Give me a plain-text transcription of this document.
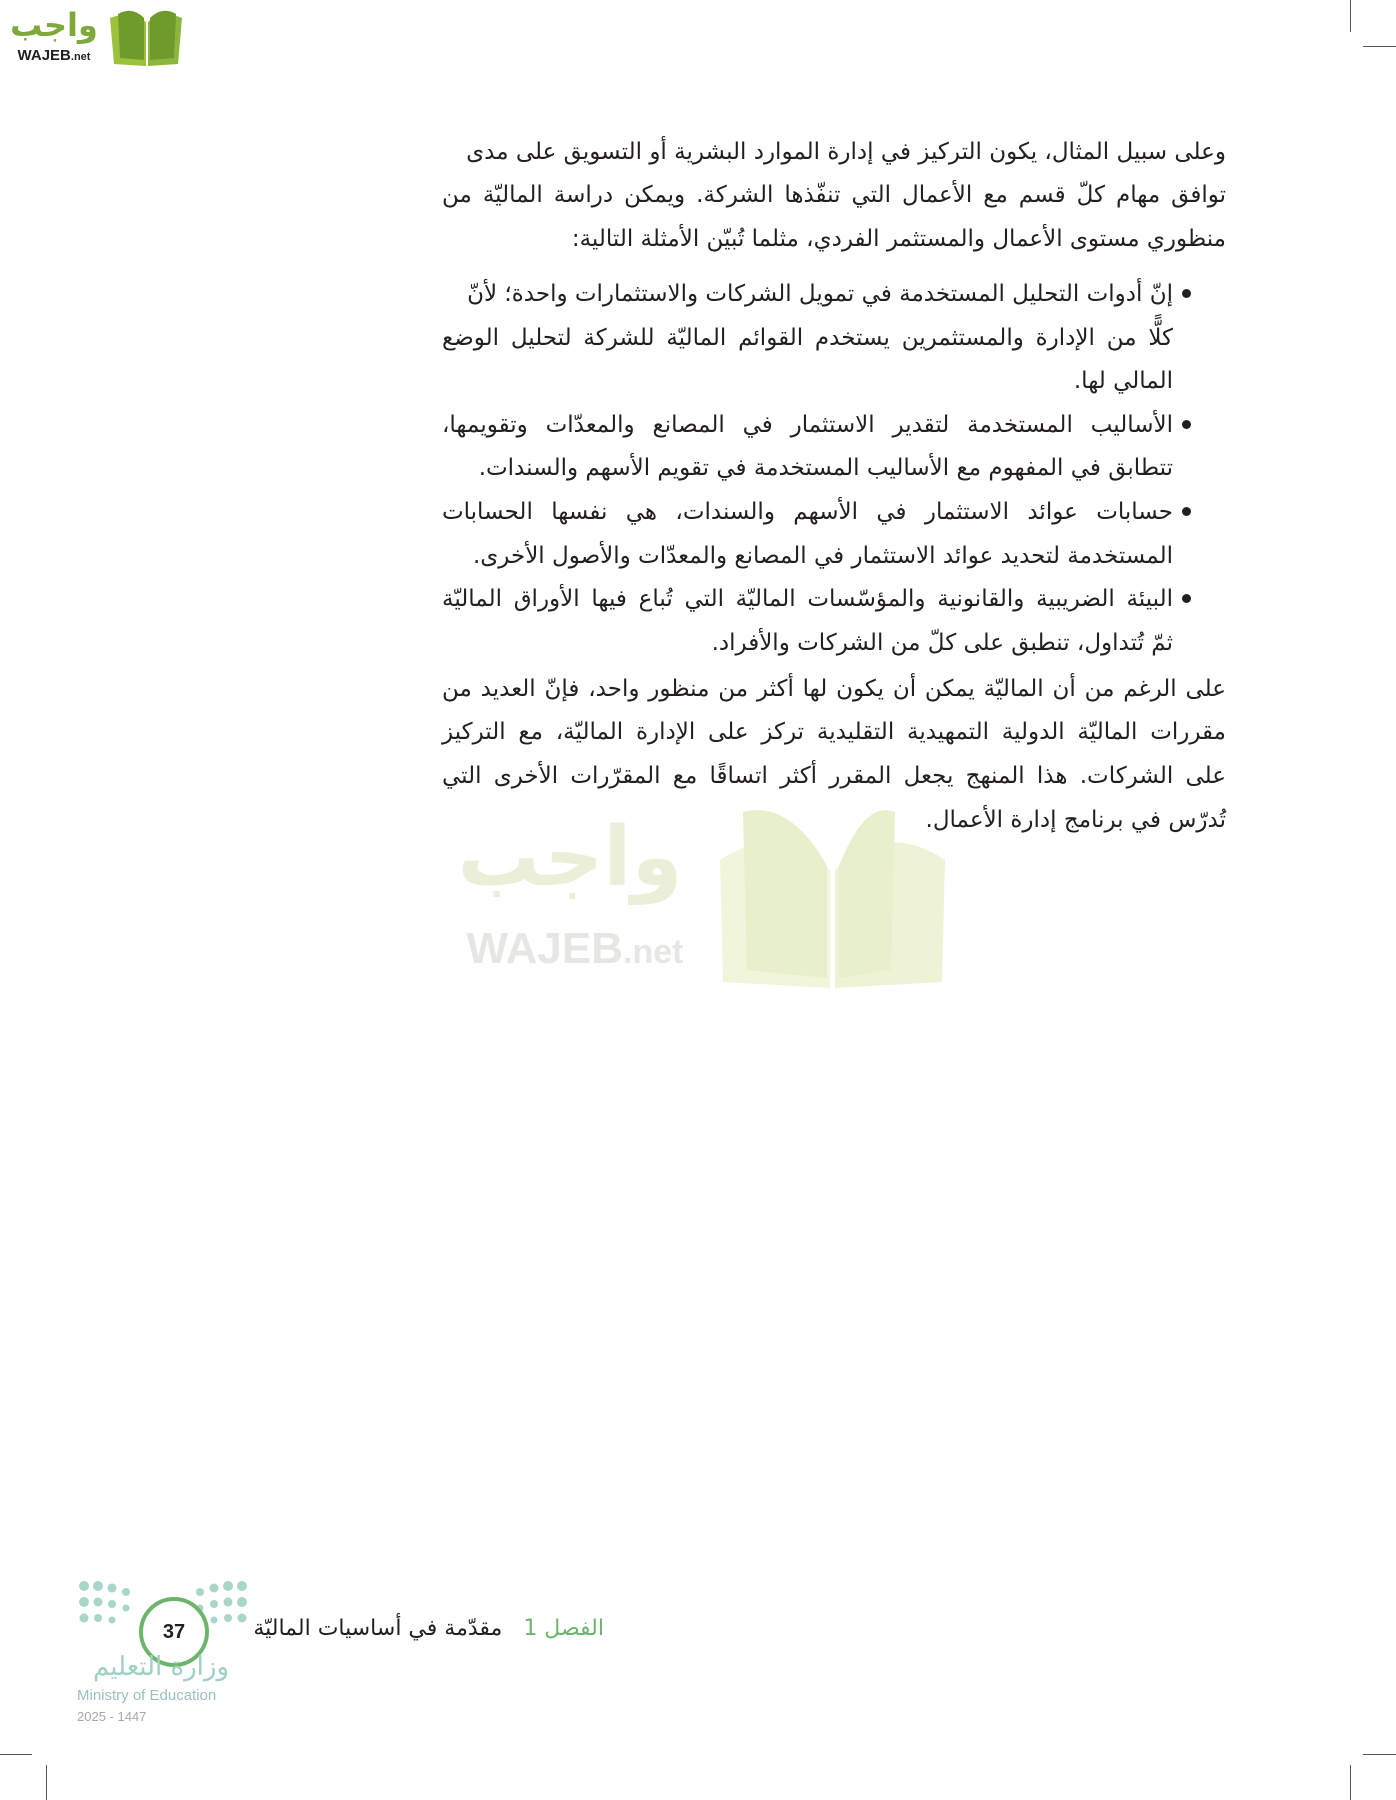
واجب
WAJEB.net
واجب
WAJEB.net
وعلى سبيل المثال، يكون التركيز في إدارة الموارد البشرية أو التسويق على مدى
توافق مهام كلّ قسم مع الأعمال التي تنفّذها الشركة. ويمكن دراسة الماليّة من
منظوري مستوى الأعمال والمستثمر الفردي، مثلما تُبيّن الأمثلة التالية:
إنّ أدوات التحليل المستخدمة في تمويل الشركات والاستثمارات واحدة؛ لأنّ
كلًّا من الإدارة والمستثمرين يستخدم القوائم الماليّة للشركة لتحليل الوضع
المالي لها.
الأساليب المستخدمة لتقدير الاستثمار في المصانع والمعدّات وتقويمها،
تتطابق في المفهوم مع الأساليب المستخدمة في تقويم الأسهم والسندات.
حسابات عوائد الاستثمار في الأسهم والسندات، هي نفسها الحسابات
المستخدمة لتحديد عوائد الاستثمار في المصانع والمعدّات والأصول الأخرى.
البيئة الضريبية والقانونية والمؤسّسات الماليّة التي تُباع فيها الأوراق الماليّة
ثمّ تُتداول، تنطبق على كلّ من الشركات والأفراد.
على الرغم من أن الماليّة يمكن أن يكون لها أكثر من منظور واحد، فإنّ العديد من
مقررات الماليّة الدولية التمهيدية التقليدية تركز على الإدارة الماليّة، مع التركيز
على الشركات. هذا المنهج يجعل المقرر أكثر اتساقًا مع المقرّرات الأخرى التي
تُدرّس في برنامج إدارة الأعمال.
37
وزارة التعليم
Ministry of Education
2025 - 1447
الفصل 1 مقدّمة في أساسيات الماليّة
